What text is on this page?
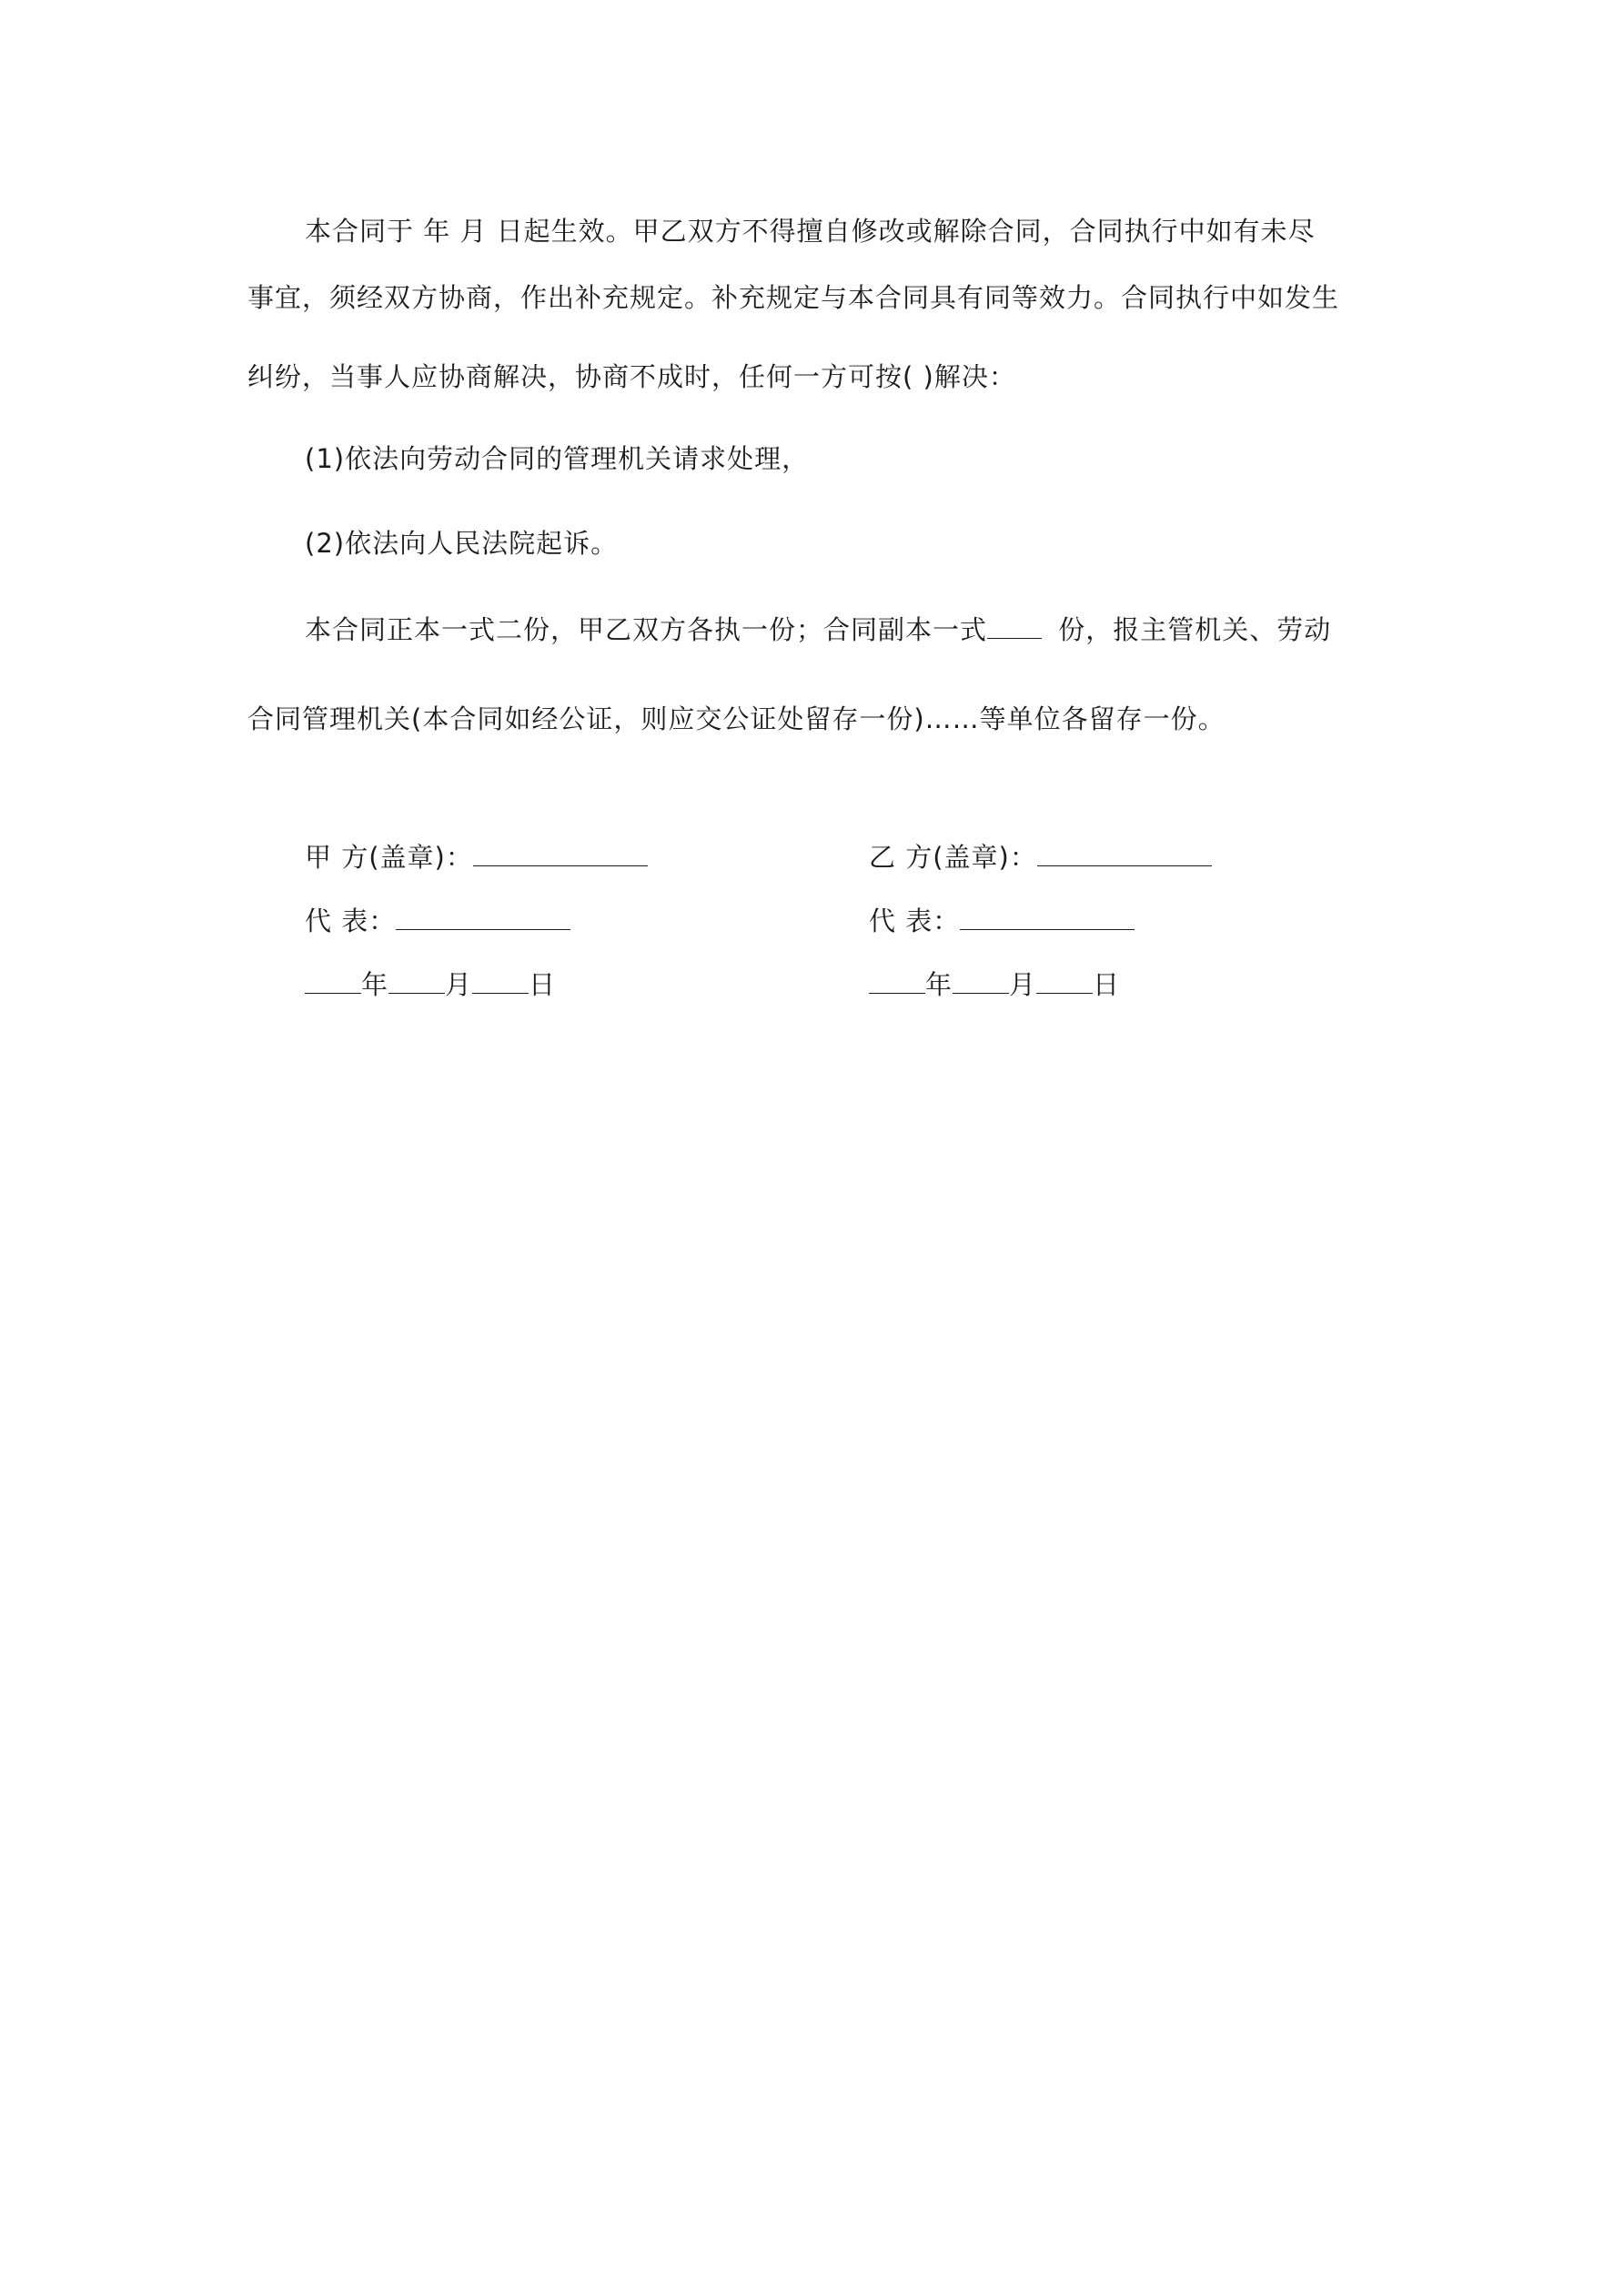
本合同于 年 月 日起生效。甲乙双方不得擅自修改或解除合同，合同执行中如有未尽
事宜，须经双方协商，作出补充规定。补充规定与本合同具有同等效力。合同执行中如发生
纠纷，当事人应协商解决，协商不成时，任何一方可按( )解决：
(1)依法向劳动合同的管理机关请求处理，
(2)依法向人民法院起诉。
本合同正本一式二份，甲乙双方各执一份；合同副本一式 份，报主管机关、劳动
合同管理机关(本合同如经公证，则应交公证处留存一份)……等单位各留存一份。
甲 方(盖章)：
代 表：
年 月 日
乙 方(盖章)：
代 表：
年 月 日
